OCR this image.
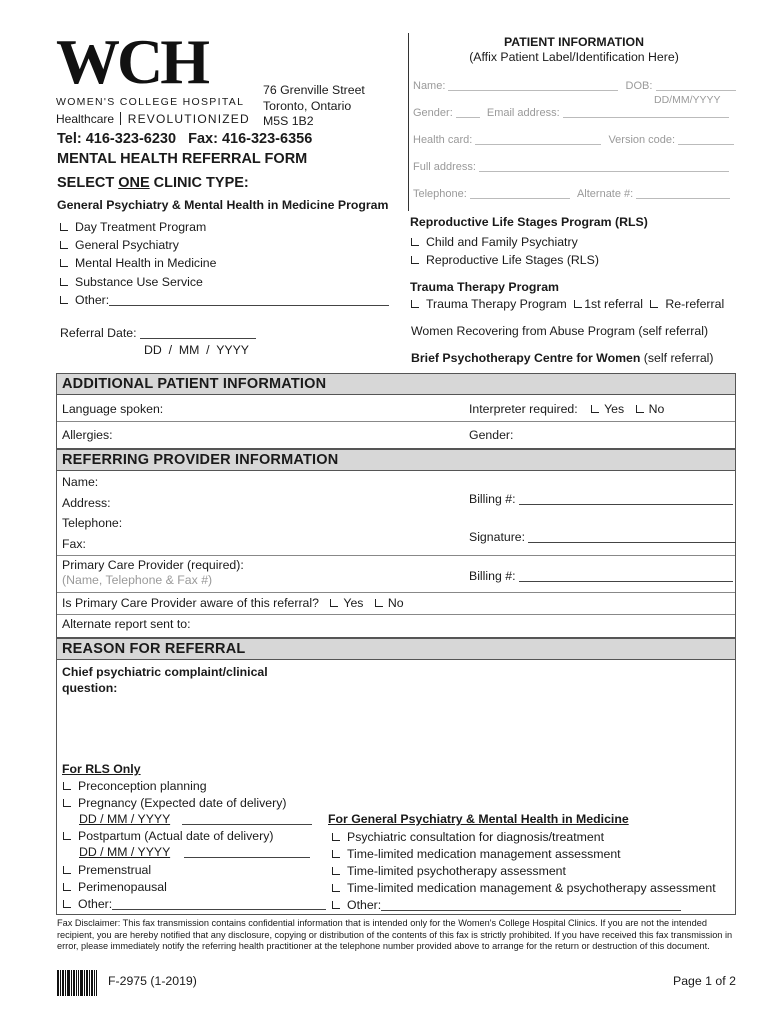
WCH
WOMEN'S COLLEGE HOSPITAL
Healthcare REVOLUTIONIZED
76 Grenville Street
Toronto, Ontario
M5S 1B2
Tel: 416-323-6230   Fax: 416-323-6356
MENTAL HEALTH REFERRAL FORM
SELECT ONE CLINIC TYPE:
PATIENT INFORMATION
(Affix Patient Label/Identification Here)
Name:	DOB:
DD/MM/YYYY
Gender:	Email address:
Health card:	Version code:
Full address:
Telephone:	Alternate #:
General Psychiatry & Mental Health in Medicine Program
Day Treatment Program
General Psychiatry
Mental Health in Medicine
Substance Use Service
Other:
Referral Date:
DD  /  MM  /  YYYY
Reproductive Life Stages Program (RLS)
Child and Family Psychiatry
Reproductive Life Stages (RLS)
Trauma Therapy Program
Trauma Therapy Program 1st referral Re-referral
Women Recovering from Abuse Program (self referral)
Brief Psychotherapy Centre for Women (self referral)
ADDITIONAL PATIENT INFORMATION
Language spoken:	Interpreter required: Yes No
Allergies:	Gender:
REFERRING PROVIDER INFORMATION
Name:
Address:
Telephone:
Fax:
Billing #:
Signature:
Primary Care Provider (required):
(Name, Telephone & Fax #)	Billing #:
Is Primary Care Provider aware of this referral? Yes No
Alternate report sent to:
REASON FOR REFERRAL
Chief psychiatric complaint/clinical
question:
For RLS Only
Preconception planning
Pregnancy (Expected date of delivery)
DD / MM / YYYY
Postpartum (Actual date of delivery)
DD / MM / YYYY
Premenstrual
Perimenopausal
Other:
For General Psychiatry & Mental Health in Medicine
Psychiatric consultation for diagnosis/treatment
Time-limited medication management assessment
Time-limited psychotherapy assessment
Time-limited medication management & psychotherapy assessment
Other:
Fax Disclaimer: This fax transmission contains confidential information that is intended only for the Women's College Hospital Clinics. If you are not the intended recipient, you are hereby notified that any disclosure, copying or distribution of the contents of this fax is strictly prohibited. If you have received this fax transmission in error, please immediately notify the referring health practitioner at the telephone number provided above to arrange for the return or destruction of this document.
F-2975 (1-2019)	Page 1 of 2
